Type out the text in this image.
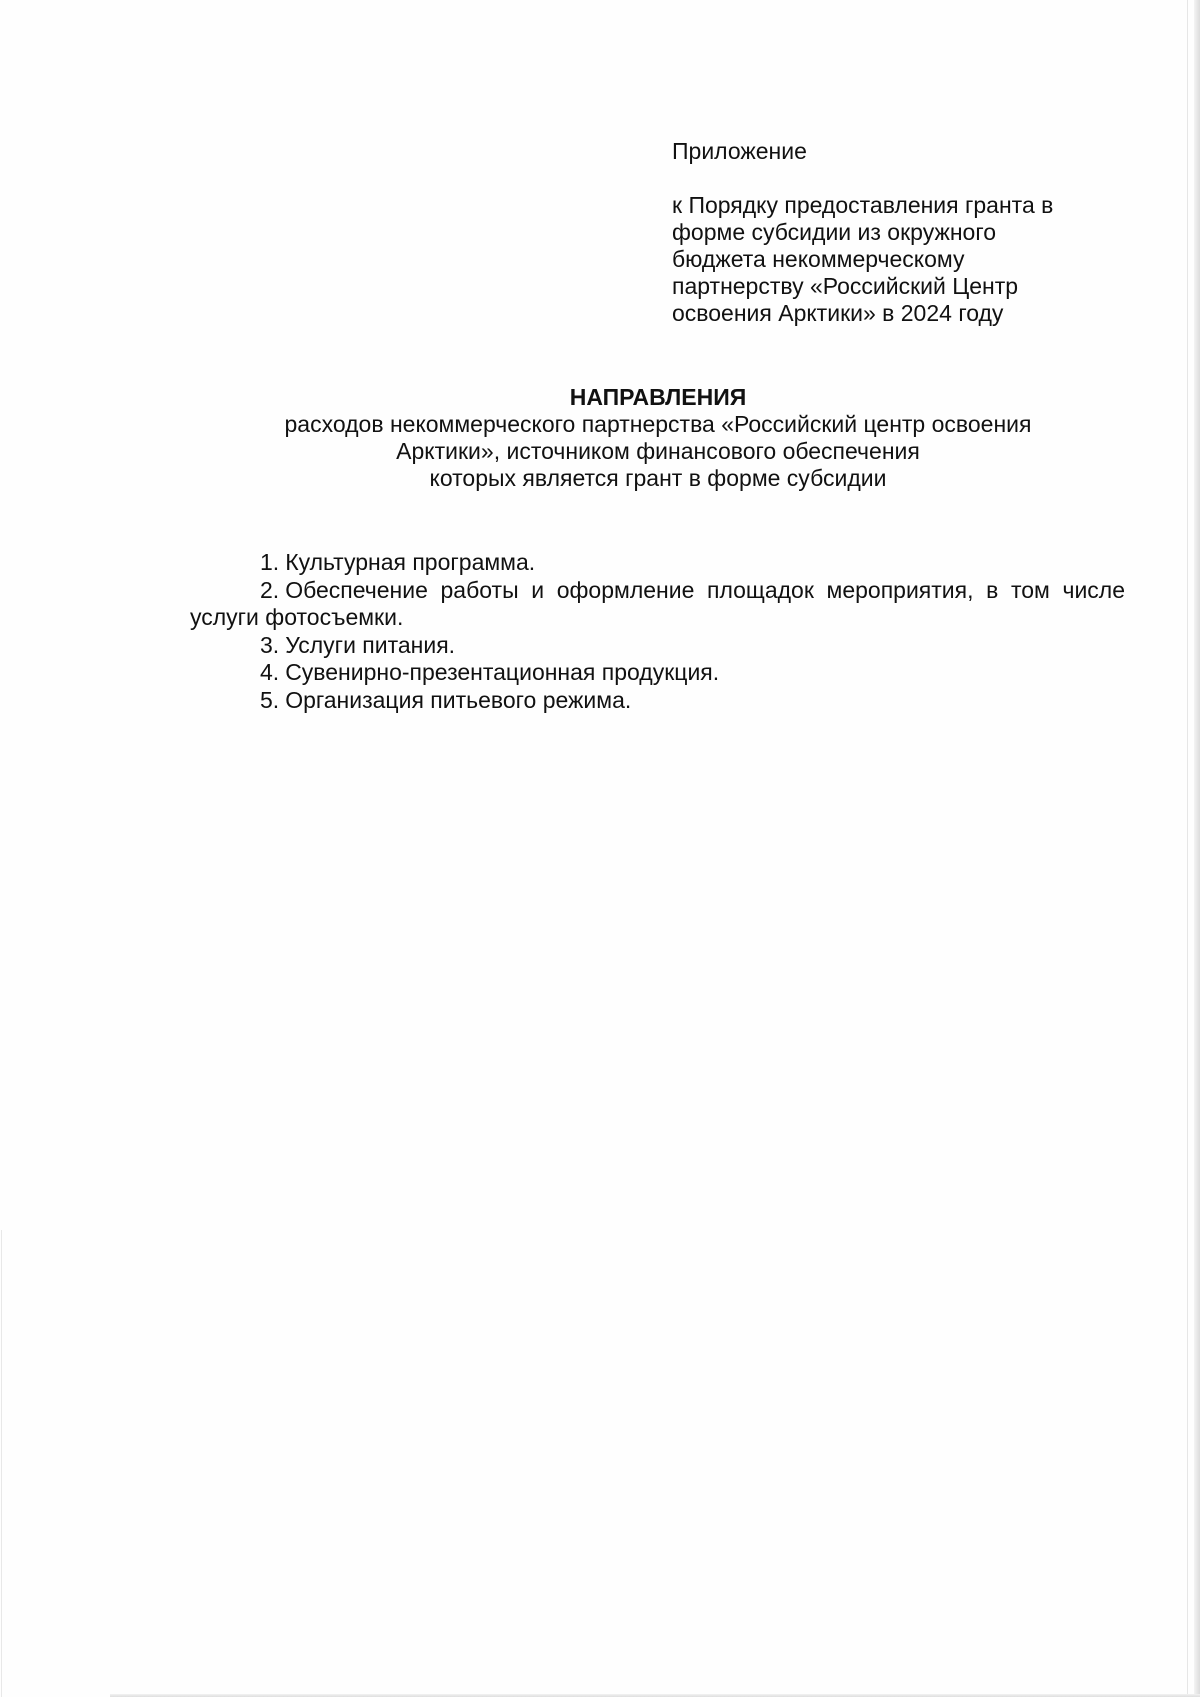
Приложение

к Порядку предоставления гранта в
форме субсидии из окружного
бюджета некоммерческому
партнерству «Российский Центр
освоения Арктики» в 2024 году

НАПРАВЛЕНИЯ

расходов некоммерческого партнерства «Российский центр освоения
Арктики», источником финансового обеспечения
которых является грант в форме субсидии

1. Культурная программа.
2. Обеспечение работы и оформление площадок мероприятия, в том числе услуги фотосъемки.
3. Услуги питания.
4. Сувенирно-презентационная продукция.
5. Организация питьевого режима.
